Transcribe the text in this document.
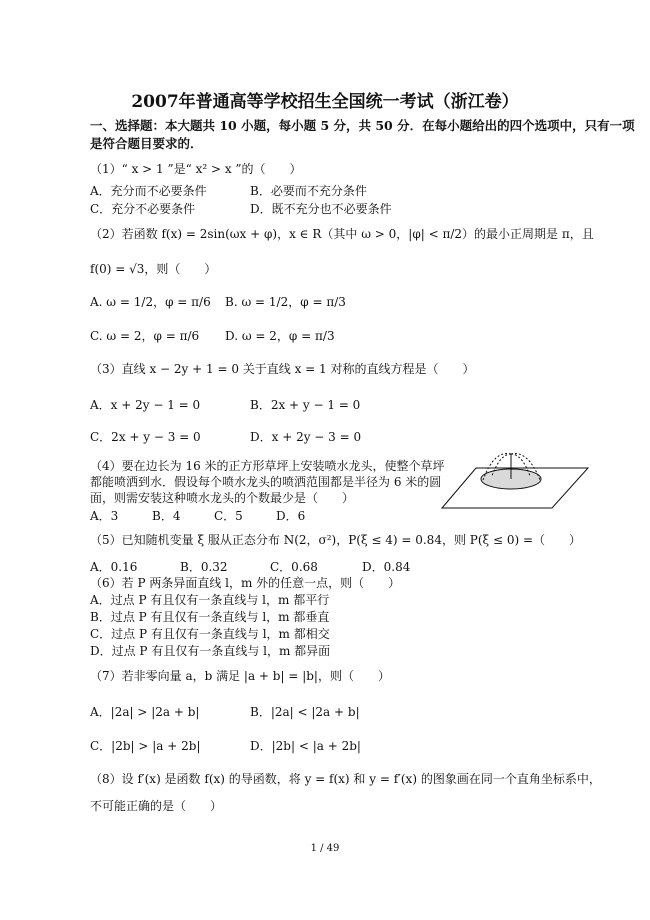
2007年普通高等学校招生全国统一考试（浙江卷）
一、选择题：本大题共 10 小题，每小题 5 分，共 50 分．在每小题给出的四个选项中，只有一项
是符合题目要求的．
（1）“ x > 1 ”是“ x² > x ”的（　　）
A．充分而不必要条件	B．必要而不充分条件
C．充分不必要条件	D．既不充分也不必要条件
（2）若函数 f(x) = 2sin(ωx + φ)，x ∈ R（其中 ω > 0，|φ| < π/2）的最小正周期是 π，且
f(0) = √3，则（　　）
A. ω = 1/2，φ = π/6 B. ω = 1/2，φ = π/3
C. ω = 2，φ = π/6 D. ω = 2，φ = π/3
（3）直线 x − 2y + 1 = 0 关于直线 x = 1 对称的直线方程是（　　）
A．x + 2y − 1 = 0	B．2x + y − 1 = 0
C．2x + y − 3 = 0	D．x + 2y − 3 = 0
（4）要在边长为 16 米的正方形草坪上安装喷水龙头，使整个草坪
都能喷洒到水．假设每个喷水龙头的喷洒范围都是半径为 6 米的圆
面，则需安装这种喷水龙头的个数最少是（　　）
A．3	B．4	C．5	D．6
（5）已知随机变量 ξ 服从正态分布 N(2，σ²)，P(ξ ≤ 4) = 0.84，则 P(ξ ≤ 0) =（　　）
A．0.16	B．0.32	C．0.68	D．0.84
（6）若 P 两条异面直线 l，m 外的任意一点，则（　　）
A．过点 P 有且仅有一条直线与 l，m 都平行
B．过点 P 有且仅有一条直线与 l，m 都垂直
C．过点 P 有且仅有一条直线与 l，m 都相交
D．过点 P 有且仅有一条直线与 l，m 都异面
（7）若非零向量 a，b 满足 |a + b| = |b|，则（　　）
A．|2a| > |2a + b|	B．|2a| < |2a + b|
C．|2b| > |a + 2b|	D．|2b| < |a + 2b|
（8）设 f′(x) 是函数 f(x) 的导函数，将 y = f(x) 和 y = f′(x) 的图象画在同一个直角坐标系中，
不可能正确的是（　　）
1 / 49
